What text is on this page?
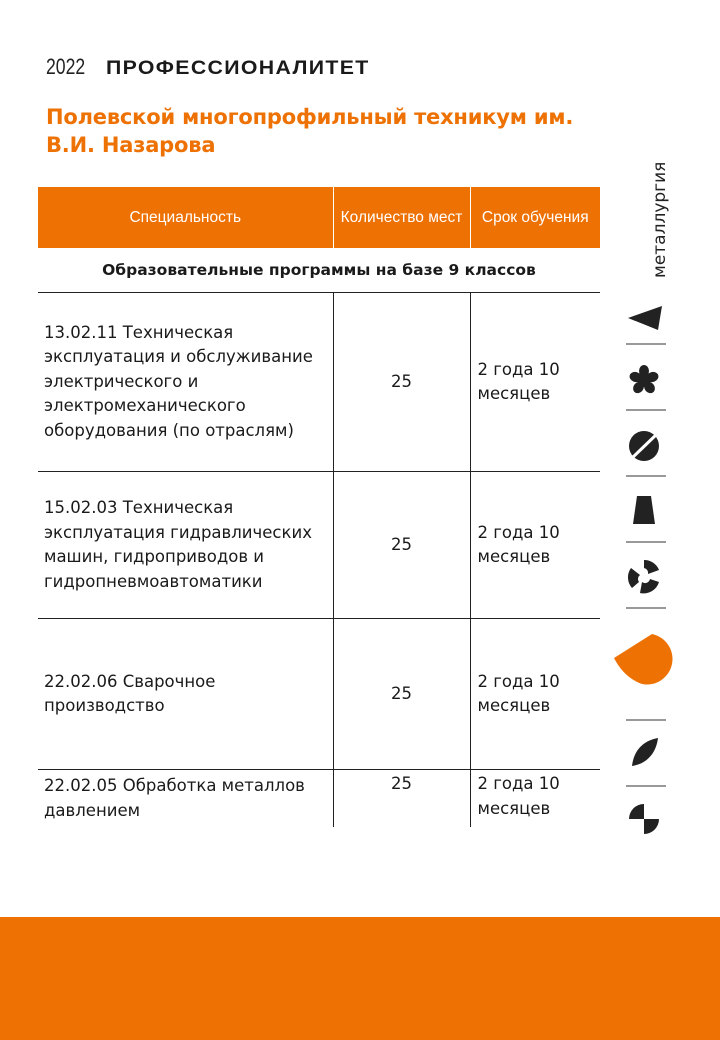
2022 ПРОФЕССИОНАЛИТЕТ
Полевской многопрофильный техникум им. В.И. Назарова
металлургия
Специальность	Количество мест	Срок обучения
Образовательные программы на базе 9 классов		
13.02.11 Техническая эксплуатация и обслуживание электрического и электромеханического оборудования (по отраслям)	25	2 года 10 месяцев
15.02.03 Техническая эксплуатация гидравлических машин, гидроприводов и гидропневмоавтоматики	25	2 года 10 месяцев
22.02.06 Сварочное производство	25	2 года 10 месяцев
22.02.05 Обработка металлов давлением	25	2 года 10 месяцев
